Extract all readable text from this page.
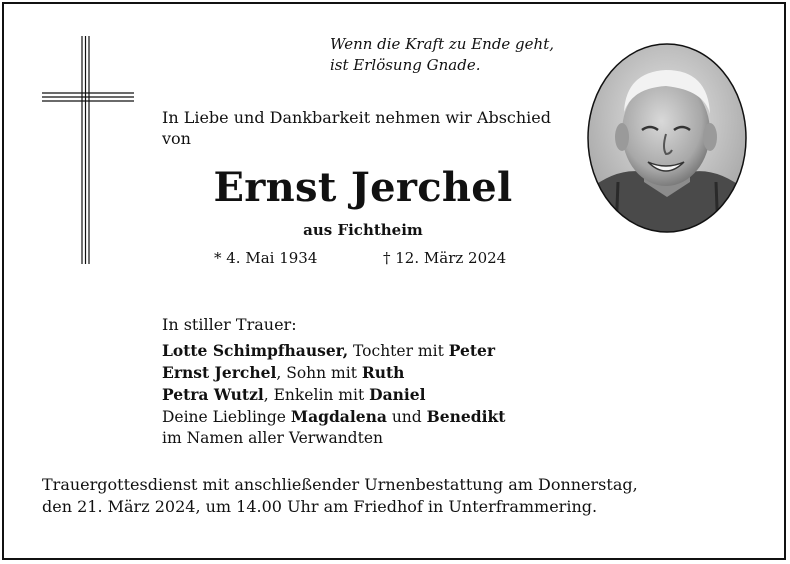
Wenn die Kraft zu Ende geht,
ist Erlösung Gnade.
In Liebe und Dankbarkeit nehmen wir Abschied von
Ernst Jerchel
aus Fichtheim
* 4. Mai 1934	† 12. März 2024
In stiller Trauer:
Lotte Schimpfhauser, Tochter mit Peter
Ernst Jerchel, Sohn mit Ruth
Petra Wutzl, Enkelin mit Daniel
Deine Lieblinge Magdalena und Benedikt
im Namen aller Verwandten
Trauergottesdienst mit anschließender Urnenbestattung am Donnerstag,
den 21. März 2024, um 14.00 Uhr am Friedhof in Unterframmering.
